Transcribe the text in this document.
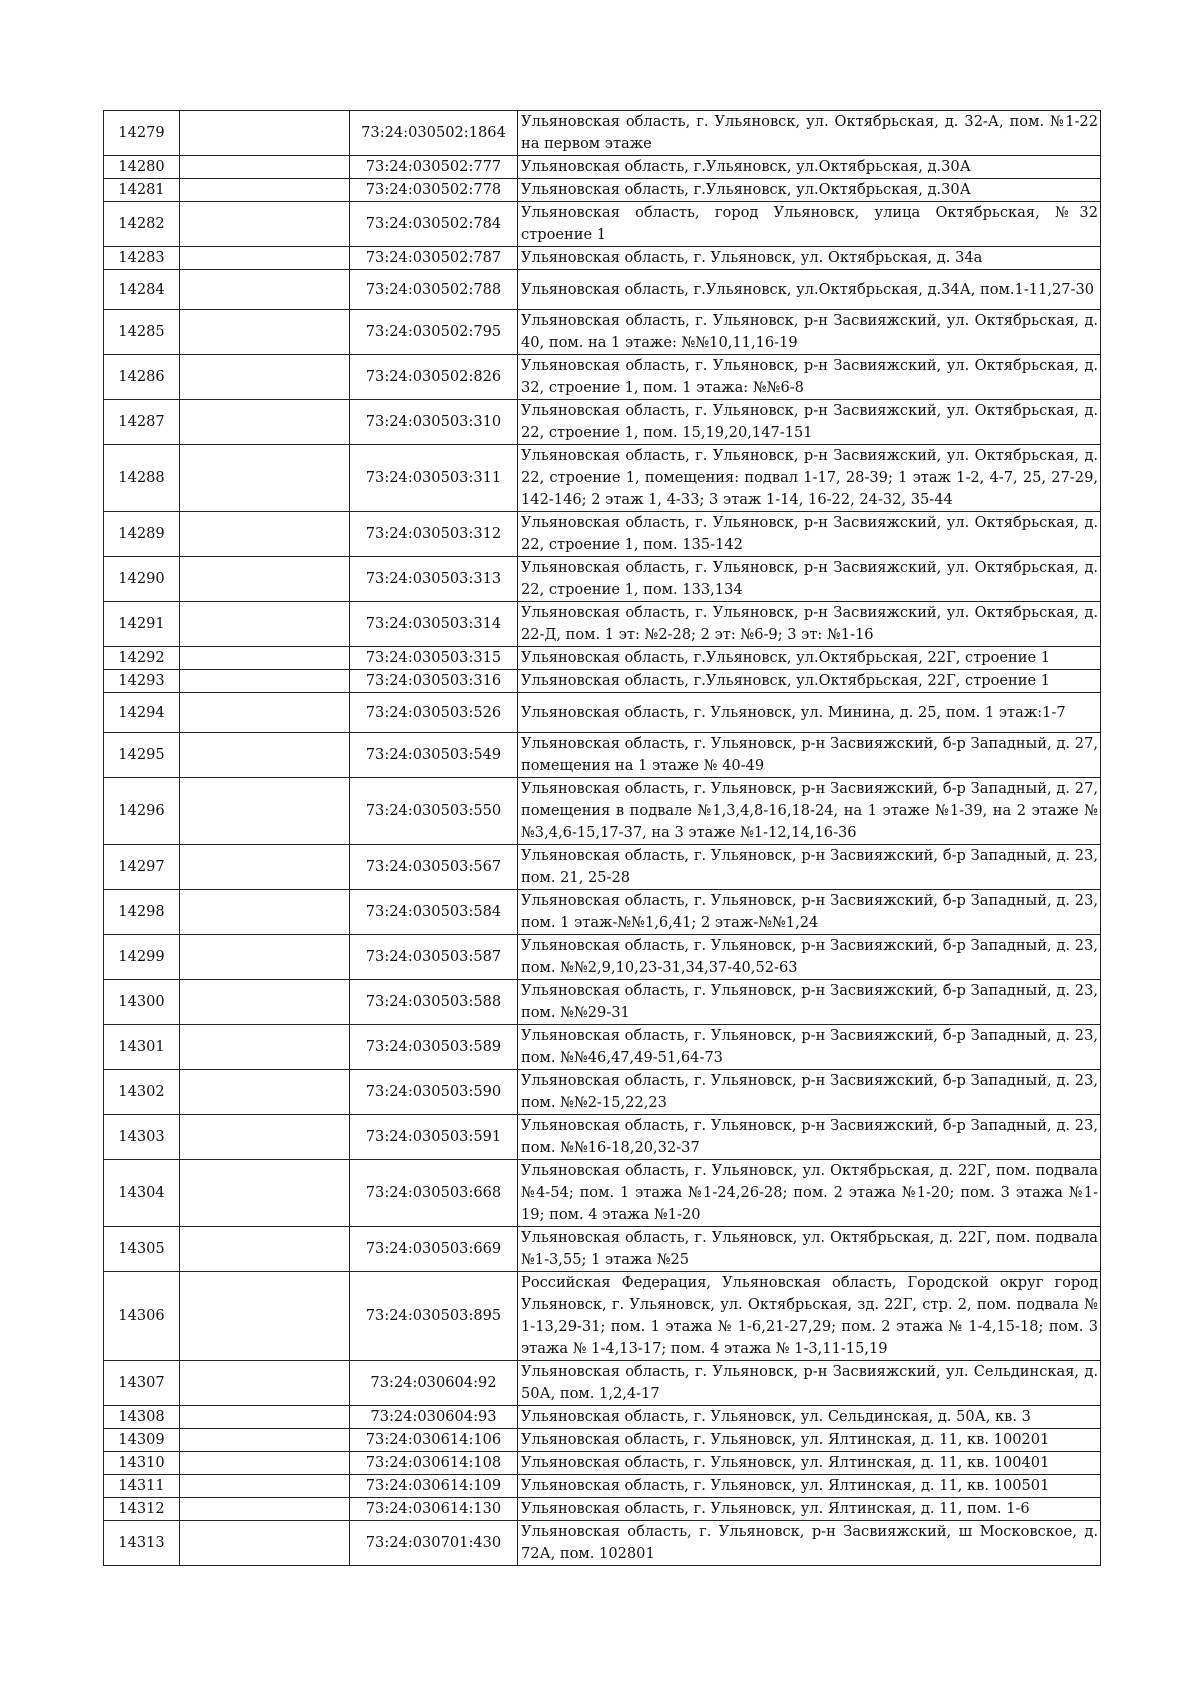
14279		73:24:030502:1864	Ульяновская область, г. Ульяновск, ул. Октябрьская, д. 32-А, пом. №1-22 на первом этаже
14280		73:24:030502:777	Ульяновская область, г.Ульяновск, ул.Октябрьская, д.30А
14281		73:24:030502:778	Ульяновская область, г.Ульяновск, ул.Октябрьская, д.30А
14282		73:24:030502:784	Ульяновская область, город Ульяновск, улица Октябрьская, №32 строение 1
14283		73:24:030502:787	Ульяновская область, г. Ульяновск, ул. Октябрьская, д. 34а
14284		73:24:030502:788	Ульяновская область, г.Ульяновск, ул.Октябрьская, д.34А, пом.1-11,27-30
14285		73:24:030502:795	Ульяновская область, г. Ульяновск, р-н Засвияжский, ул. Октябрьская, д. 40, пом. на 1 этаже: №№10,11,16-19
14286		73:24:030502:826	Ульяновская область, г. Ульяновск, р-н Засвияжский, ул. Октябрьская, д. 32, строение 1, пом. 1 этажа: №№6-8
14287		73:24:030503:310	Ульяновская область, г. Ульяновск, р-н Засвияжский, ул. Октябрьская, д. 22, строение 1, пом. 15,19,20,147-151
14288		73:24:030503:311	Ульяновская область, г. Ульяновск, р-н Засвияжский, ул. Октябрьская, д. 22, строение 1, помещения: подвал 1-17, 28-39; 1 этаж 1-2, 4-7, 25, 27-29, 142-146; 2 этаж 1, 4-33; 3 этаж 1-14, 16-22, 24-32, 35-44
14289		73:24:030503:312	Ульяновская область, г. Ульяновск, р-н Засвияжский, ул. Октябрьская, д. 22, строение 1, пом. 135-142
14290		73:24:030503:313	Ульяновская область, г. Ульяновск, р-н Засвияжский, ул. Октябрьская, д. 22, строение 1, пом. 133,134
14291		73:24:030503:314	Ульяновская область, г. Ульяновск, р-н Засвияжский, ул. Октябрьская, д. 22-Д, пом. 1 эт: №2-28; 2 эт: №6-9; 3 эт: №1-16
14292		73:24:030503:315	Ульяновская область, г.Ульяновск, ул.Октябрьская, 22Г, строение 1
14293		73:24:030503:316	Ульяновская область, г.Ульяновск, ул.Октябрьская, 22Г, строение 1
14294		73:24:030503:526	Ульяновская область, г. Ульяновск, ул. Минина, д. 25, пом. 1 этаж:1-7
14295		73:24:030503:549	Ульяновская область, г. Ульяновск, р-н Засвияжский, б-р Западный, д. 27, помещения на 1 этаже № 40-49
14296		73:24:030503:550	Ульяновская область, г. Ульяновск, р-н Засвияжский, б-р Западный, д. 27, помещения в подвале №1,3,4,8-16,18-24, на 1 этаже №1-39, на 2 этаже №№3,4,6-15,17-37, на 3 этаже №1-12,14,16-36
14297		73:24:030503:567	Ульяновская область, г. Ульяновск, р-н Засвияжский, б-р Западный, д. 23, пом. 21, 25-28
14298		73:24:030503:584	Ульяновская область, г. Ульяновск, р-н Засвияжский, б-р Западный, д. 23, пом. 1 этаж-№№1,6,41; 2 этаж-№№1,24
14299		73:24:030503:587	Ульяновская область, г. Ульяновск, р-н Засвияжский, б-р Западный, д. 23, пом. №№2,9,10,23-31,34,37-40,52-63
14300		73:24:030503:588	Ульяновская область, г. Ульяновск, р-н Засвияжский, б-р Западный, д. 23, пом. №№29-31
14301		73:24:030503:589	Ульяновская область, г. Ульяновск, р-н Засвияжский, б-р Западный, д. 23, пом. №№46,47,49-51,64-73
14302		73:24:030503:590	Ульяновская область, г. Ульяновск, р-н Засвияжский, б-р Западный, д. 23, пом. №№2-15,22,23
14303		73:24:030503:591	Ульяновская область, г. Ульяновск, р-н Засвияжский, б-р Западный, д. 23, пом. №№16-18,20,32-37
14304		73:24:030503:668	Ульяновская область, г. Ульяновск, ул. Октябрьская, д. 22Г, пом. подвала №4-54; пом. 1 этажа №1-24,26-28; пом. 2 этажа №1-20; пом. 3 этажа №1-19; пом. 4 этажа №1-20
14305		73:24:030503:669	Ульяновская область, г. Ульяновск, ул. Октябрьская, д. 22Г, пом. подвала №1-3,55; 1 этажа №25
14306		73:24:030503:895	Российская Федерация, Ульяновская область, Городской округ город Ульяновск, г. Ульяновск, ул. Октябрьская, зд. 22Г, стр. 2, пом. подвала № 1-13,29-31; пом. 1 этажа № 1-6,21-27,29; пом. 2 этажа № 1-4,15-18; пом. 3 этажа № 1-4,13-17; пом. 4 этажа № 1-3,11-15,19
14307		73:24:030604:92	Ульяновская область, г. Ульяновск, р-н Засвияжский, ул. Сельдинская, д. 50А, пом. 1,2,4-17
14308		73:24:030604:93	Ульяновская область, г. Ульяновск, ул. Сельдинская, д. 50А, кв. 3
14309		73:24:030614:106	Ульяновская область, г. Ульяновск, ул. Ялтинская, д. 11, кв. 100201
14310		73:24:030614:108	Ульяновская область, г. Ульяновск, ул. Ялтинская, д. 11, кв. 100401
14311		73:24:030614:109	Ульяновская область, г. Ульяновск, ул. Ялтинская, д. 11, кв. 100501
14312		73:24:030614:130	Ульяновская область, г. Ульяновск, ул. Ялтинская, д. 11, пом. 1-6
14313		73:24:030701:430	Ульяновская область, г. Ульяновск, р-н Засвияжский, ш Московское, д. 72А, пом. 102801
